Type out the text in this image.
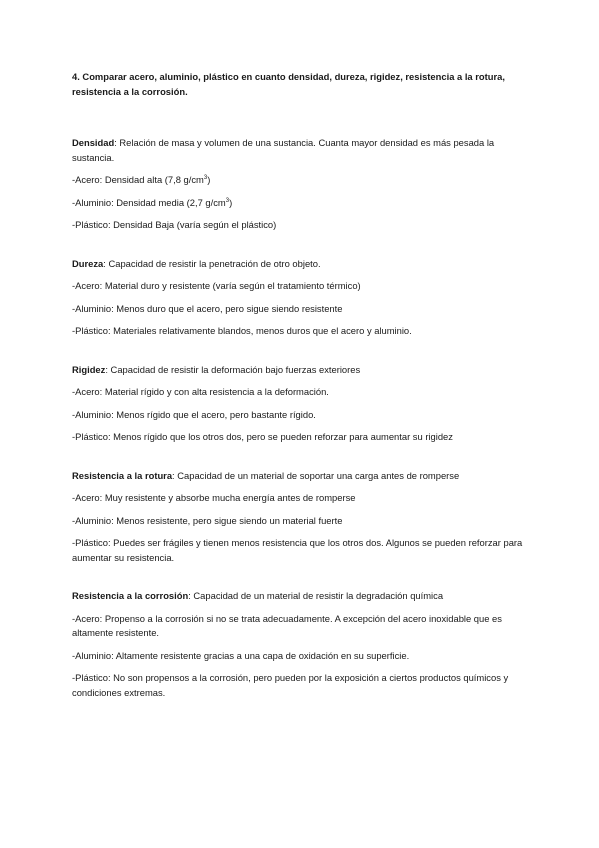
4. Comparar acero, aluminio, plástico en cuanto densidad, dureza, rigidez, resistencia a la rotura, resistencia a la corrosión.

Densidad: Relación de masa y volumen de una sustancia. Cuanta mayor densidad es más pesada la sustancia.

-Acero: Densidad alta (7,8 $g/cm^3$)

-Aluminio: Densidad media (2,7 $g/cm^3$)

-Plástico: Densidad Baja (varía según el plástico)

Dureza: Capacidad de resistir la penetración de otro objeto.

-Acero: Material duro y resistente (varía según el tratamiento térmico)

-Aluminio: Menos duro que el acero, pero sigue siendo resistente

-Plástico: Materiales relativamente blandos, menos duros que el acero y aluminio.

Rigidez: Capacidad de resistir la deformación bajo fuerzas exteriores

-Acero: Material rígido y con alta resistencia a la deformación.

-Aluminio: Menos rígido que el acero, pero bastante rígido.

-Plástico: Menos rígido que los otros dos, pero se pueden reforzar para aumentar su rigidez

Resistencia a la rotura: Capacidad de un material de soportar una carga antes de romperse

-Acero: Muy resistente y absorbe mucha energía antes de romperse

-Aluminio: Menos resistente, pero sigue siendo un material fuerte

-Plástico: Puedes ser frágiles y tienen menos resistencia que los otros dos. Algunos se pueden reforzar para aumentar su resistencia.

Resistencia a la corrosión: Capacidad de un material de resistir la degradación química

-Acero: Propenso a la corrosión si no se trata adecuadamente. A excepción del acero inoxidable que es altamente resistente.

-Aluminio: Altamente resistente gracias a una capa de oxidación en su superficie.

-Plástico: No son propensos a la corrosión, pero pueden por la exposición a ciertos productos químicos y condiciones extremas.
